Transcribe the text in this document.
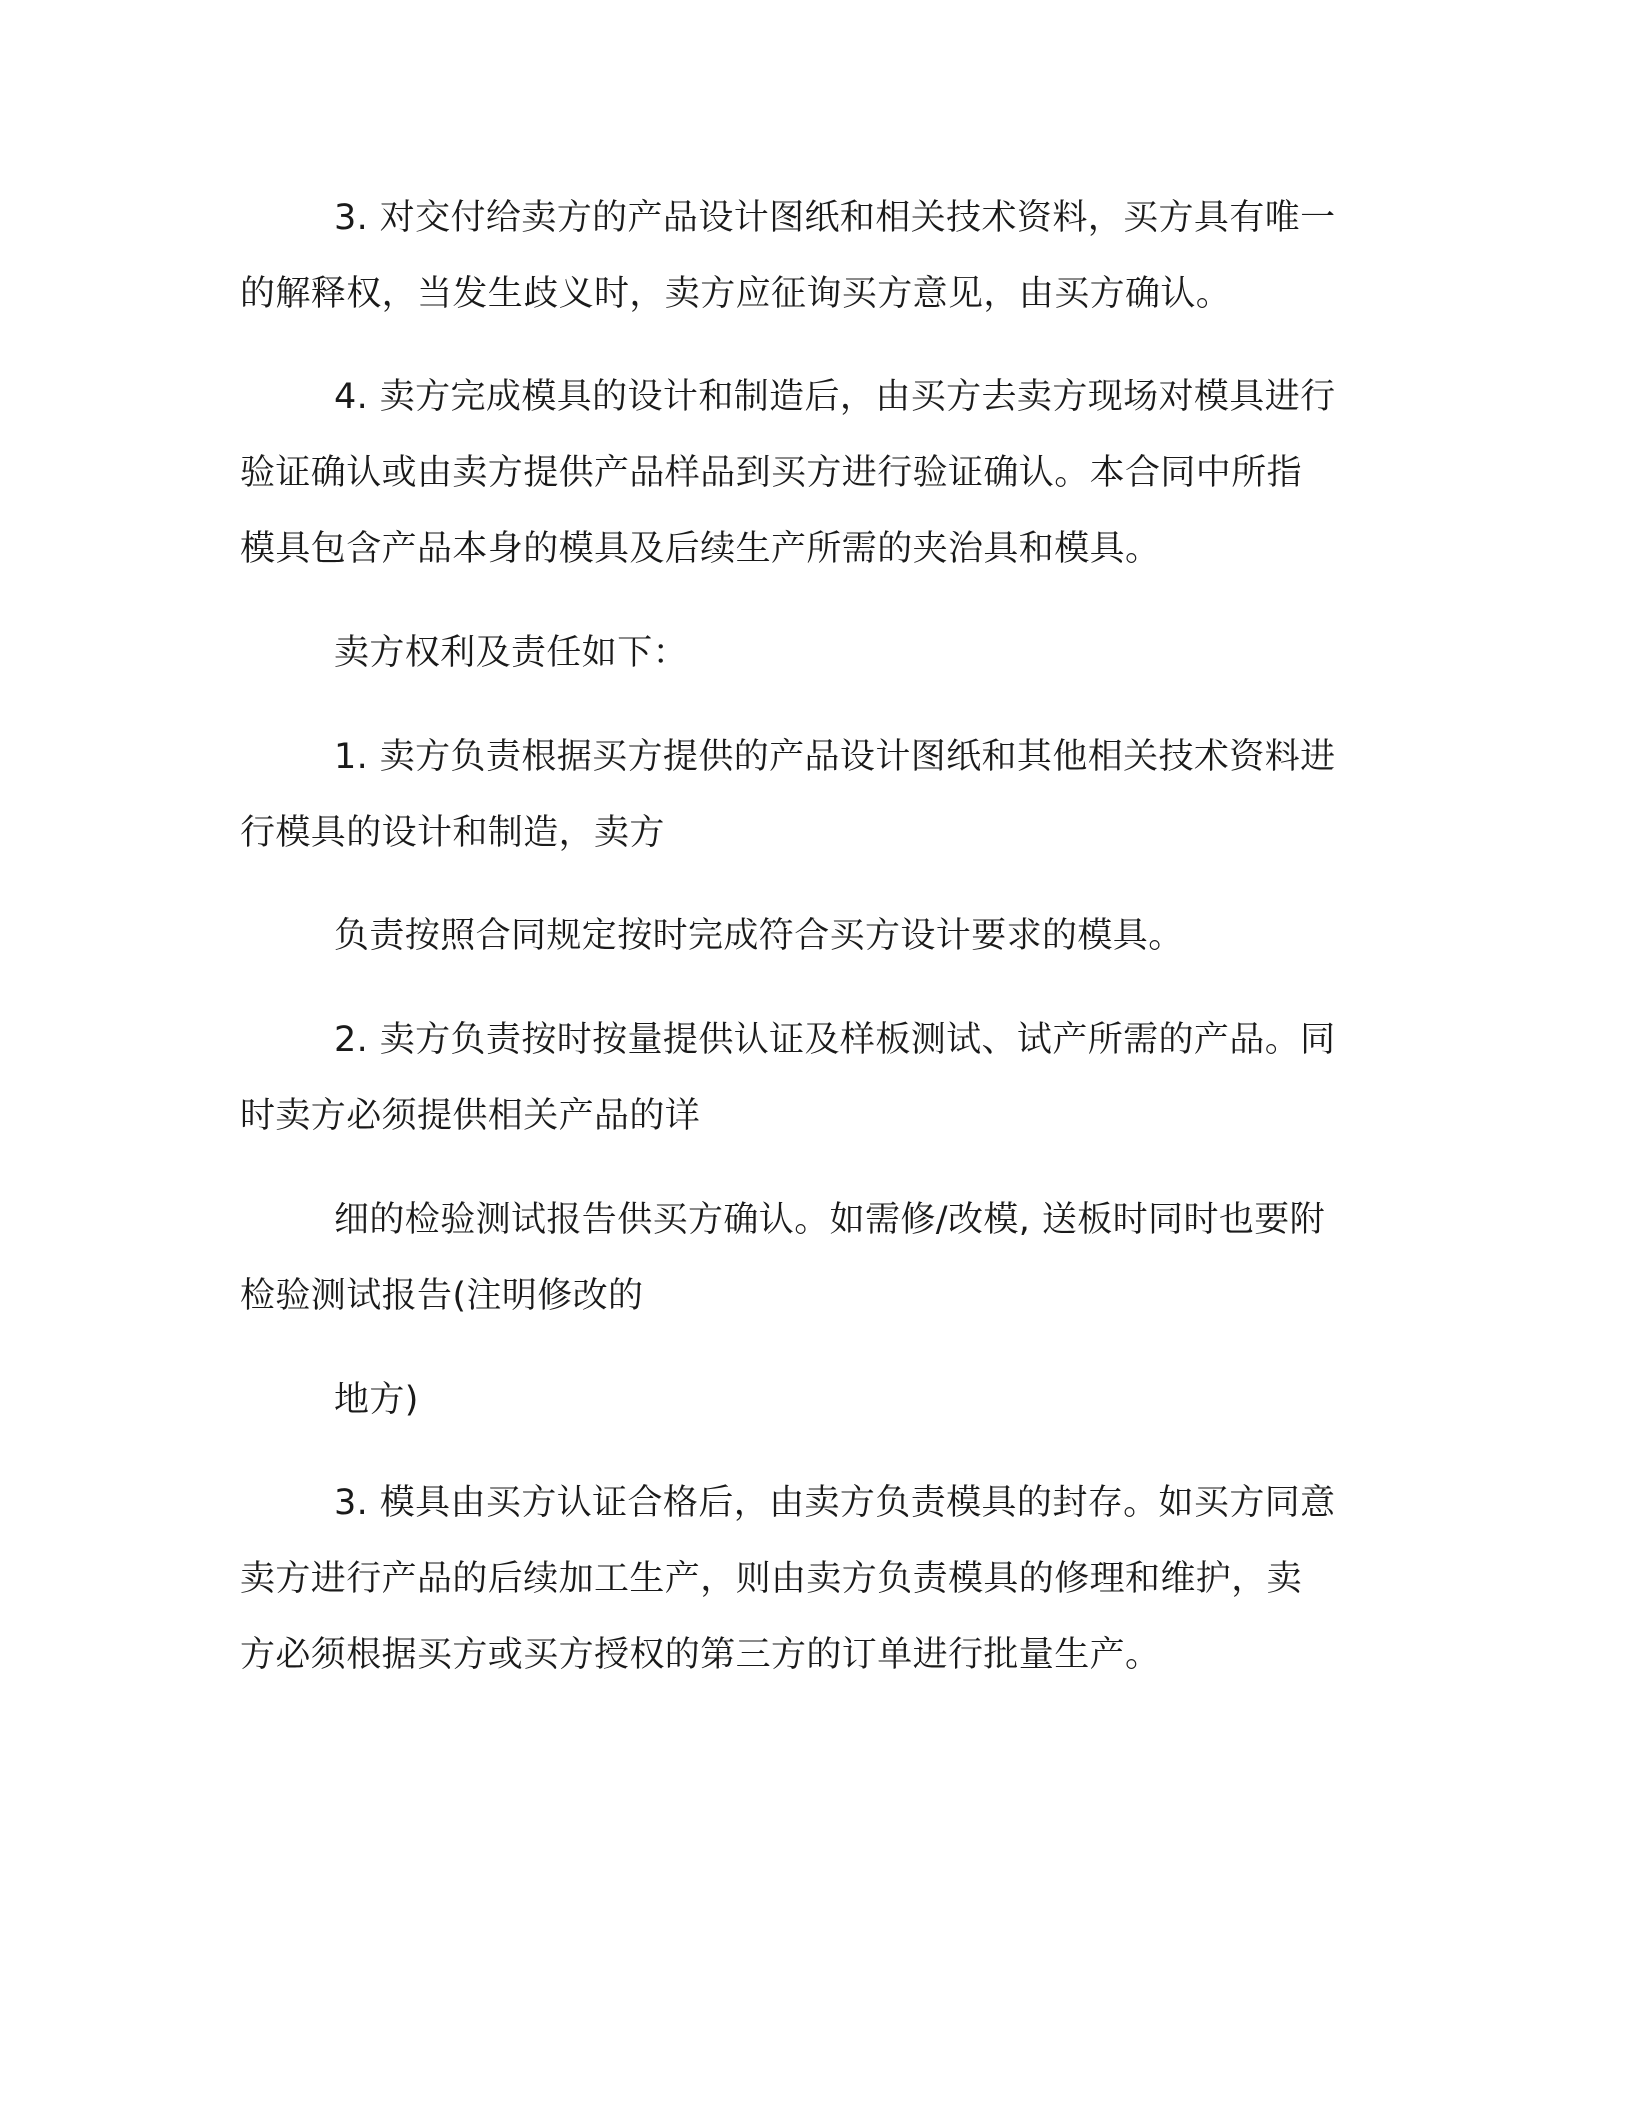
3. 对交付给卖方的产品设计图纸和相关技术资料，买方具有唯一
的解释权，当发生歧义时，卖方应征询买方意见，由买方确认。
4. 卖方完成模具的设计和制造后，由买方去卖方现场对模具进行
验证确认或由卖方提供产品样品到买方进行验证确认。本合同中所指
模具包含产品本身的模具及后续生产所需的夹治具和模具。
卖方权利及责任如下：
1. 卖方负责根据买方提供的产品设计图纸和其他相关技术资料进
行模具的设计和制造，卖方
负责按照合同规定按时完成符合买方设计要求的模具。
2. 卖方负责按时按量提供认证及样板测试、试产所需的产品。同
时卖方必须提供相关产品的详
细的检验测试报告供买方确认。如需修/改模, 送板时同时也要附
检验测试报告(注明修改的
地方)
3. 模具由买方认证合格后，由卖方负责模具的封存。如买方同意
卖方进行产品的后续加工生产，则由卖方负责模具的修理和维护，卖
方必须根据买方或买方授权的第三方的订单进行批量生产。
